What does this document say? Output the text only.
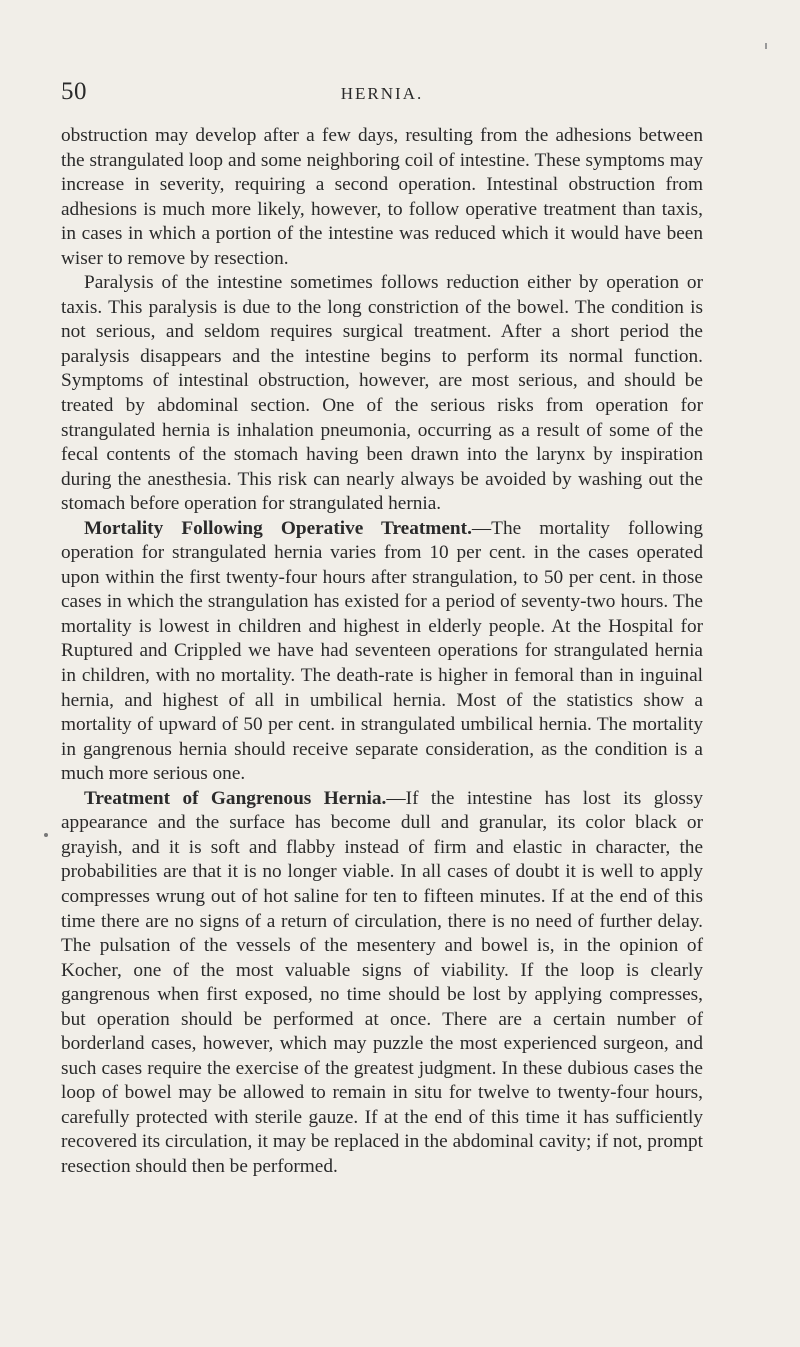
50	HERNIA.

obstruction may develop after a few days, resulting from the adhesions between the strangulated loop and some neighboring coil of intestine. These symptoms may increase in severity, requiring a second operation. Intestinal obstruction from adhesions is much more likely, however, to follow operative treatment than taxis, in cases in which a portion of the intestine was reduced which it would have been wiser to remove by resection.

Paralysis of the intestine sometimes follows reduction either by operation or taxis. This paralysis is due to the long constriction of the bowel. The condition is not serious, and seldom requires surgical treatment. After a short period the paralysis disappears and the intestine begins to perform its normal function. Symptoms of intestinal obstruction, however, are most serious, and should be treated by abdominal section. One of the serious risks from operation for strangulated hernia is inhalation pneumonia, occurring as a result of some of the fecal contents of the stomach having been drawn into the larynx by inspiration during the anesthesia. This risk can nearly always be avoided by washing out the stomach before operation for strangulated hernia.

Mortality Following Operative Treatment.—The mortality following operation for strangulated hernia varies from 10 per cent. in the cases operated upon within the first twenty-four hours after strangulation, to 50 per cent. in those cases in which the strangulation has existed for a period of seventy-two hours. The mortality is lowest in children and highest in elderly people. At the Hospital for Ruptured and Crippled we have had seventeen operations for strangulated hernia in children, with no mortality. The death-rate is higher in femoral than in inguinal hernia, and highest of all in umbilical hernia. Most of the statistics show a mortality of upward of 50 per cent. in strangulated umbilical hernia. The mortality in gangrenous hernia should receive separate consideration, as the condition is a much more serious one.

Treatment of Gangrenous Hernia.—If the intestine has lost its glossy appearance and the surface has become dull and granular, its color black or grayish, and it is soft and flabby instead of firm and elastic in character, the probabilities are that it is no longer viable. In all cases of doubt it is well to apply compresses wrung out of hot saline for ten to fifteen minutes. If at the end of this time there are no signs of a return of circulation, there is no need of further delay. The pulsation of the vessels of the mesentery and bowel is, in the opinion of Kocher, one of the most valuable signs of viability. If the loop is clearly gangrenous when first exposed, no time should be lost by applying compresses, but operation should be performed at once. There are a certain number of borderland cases, however, which may puzzle the most experienced surgeon, and such cases require the exercise of the greatest judgment. In these dubious cases the loop of bowel may be allowed to remain in situ for twelve to twenty-four hours, carefully protected with sterile gauze. If at the end of this time it has sufficiently recovered its circulation, it may be replaced in the abdominal cavity; if not, prompt resection should then be performed.
